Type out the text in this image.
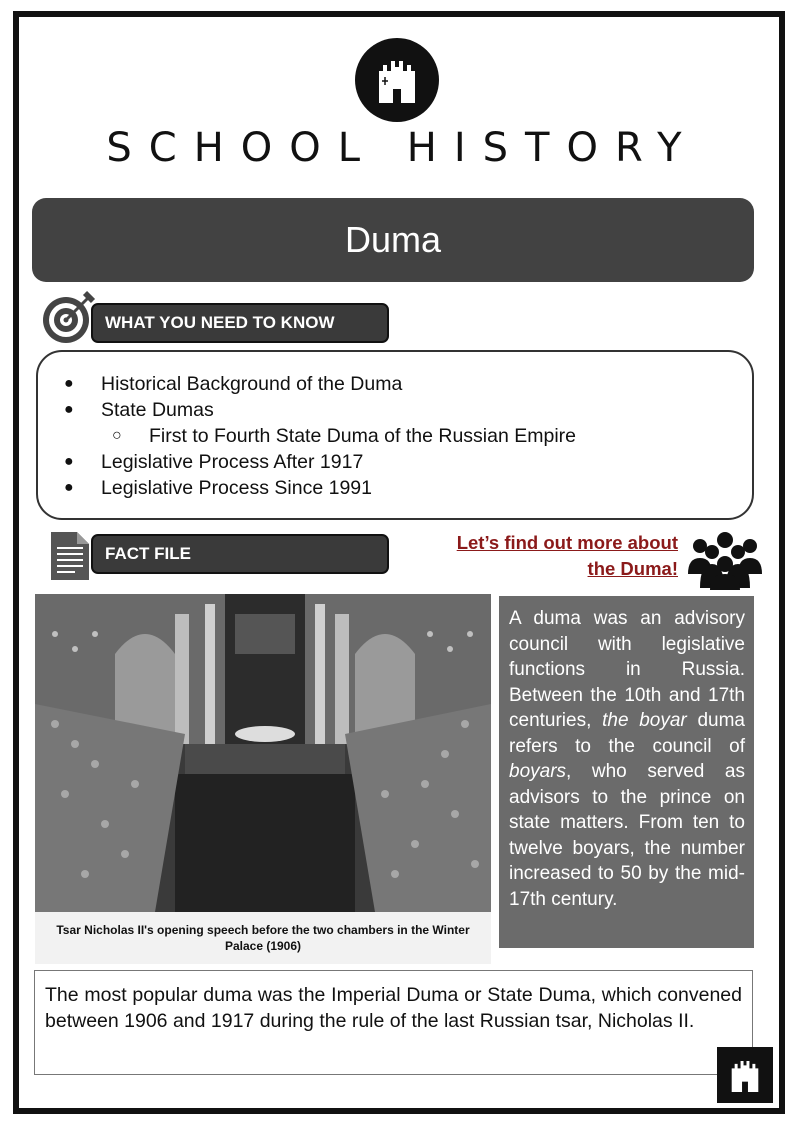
SCHOOL HISTORY
Duma
WHAT YOU NEED TO KNOW
● Historical Background of the Duma
● State Dumas
○ First to Fourth State Duma of the Russian Empire
● Legislative Process After 1917
● Legislative Process Since 1991
FACT FILE
Let’s find out more about
the Duma!
Tsar Nicholas II's opening speech before the two chambers in the Winter Palace (1906)
A duma was an advisory council with legislative functions in Russia. Between the 10th and 17th centuries, the boyar duma refers to the council of boyars, who served as advisors to the prince on state matters. From ten to twelve boyars, the number increased to 50 by the mid-17th century.
The most popular duma was the Imperial Duma or State Duma, which convened between 1906 and 1917 during the rule of the last Russian tsar, Nicholas II.
